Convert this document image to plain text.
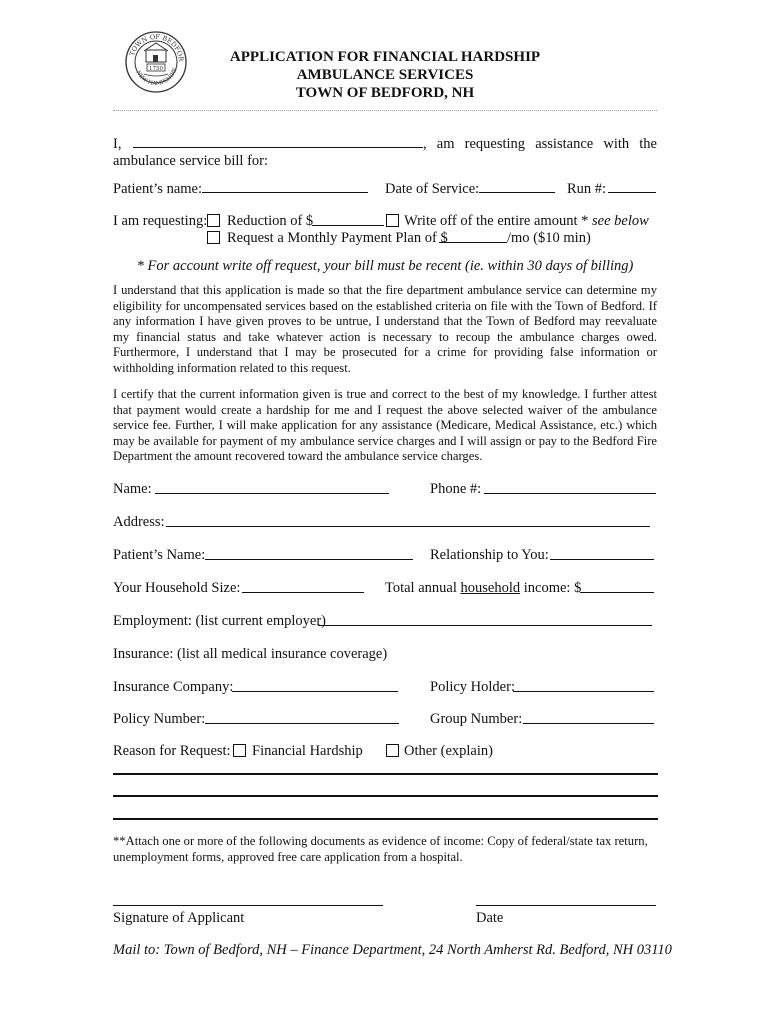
TOWN OF BEDFOR
NEW HAMPSHIRE
1750
APPLICATION FOR FINANCIAL HARDSHIP
AMBULANCE SERVICES
TOWN OF BEDFORD, NH
I,	, am requesting assistance with the
ambulance service bill for:
Patient’s name:	Date of Service:	Run #:
I am requesting: Reduction of $	Write off of the entire amount * see below
Request a Monthly Payment Plan of $	/mo ($10 min)
* For account write off request, your bill must be recent (ie. within 30 days of billing)
I understand that this application is made so that the fire department ambulance service can determine my eligibility for uncompensated services based on the established criteria on file with the Town of Bedford. If any information I have given proves to be untrue, I understand that the Town of Bedford may reevaluate my financial status and take whatever action is necessary to recoup the ambulance charges owed. Furthermore, I understand that I may be prosecuted for a crime for providing false information or withholding information related to this request.
I certify that the current information given is true and correct to the best of my knowledge. I further attest that payment would create a hardship for me and I request the above selected waiver of the ambulance service fee. Further, I will make application for any assistance (Medicare, Medical Assistance, etc.) which may be available for payment of my ambulance service charges and I will assign or pay to the Bedford Fire Department the amount recovered toward the ambulance service charges.
Name:	Phone #:
Address:
Patient’s Name:	Relationship to You:
Your Household Size:	Total annual household income: $
Employment: (list current employer)
Insurance: (list all medical insurance coverage)
Insurance Company:	Policy Holder:
Policy Number:	Group Number:
Reason for Request: Financial Hardship	Other (explain)
**Attach one or more of the following documents as evidence of income: Copy of federal/state tax return, unemployment forms, approved free care application from a hospital.
Signature of Applicant	Date
Mail to: Town of Bedford, NH – Finance Department, 24 North Amherst Rd. Bedford, NH 03110
